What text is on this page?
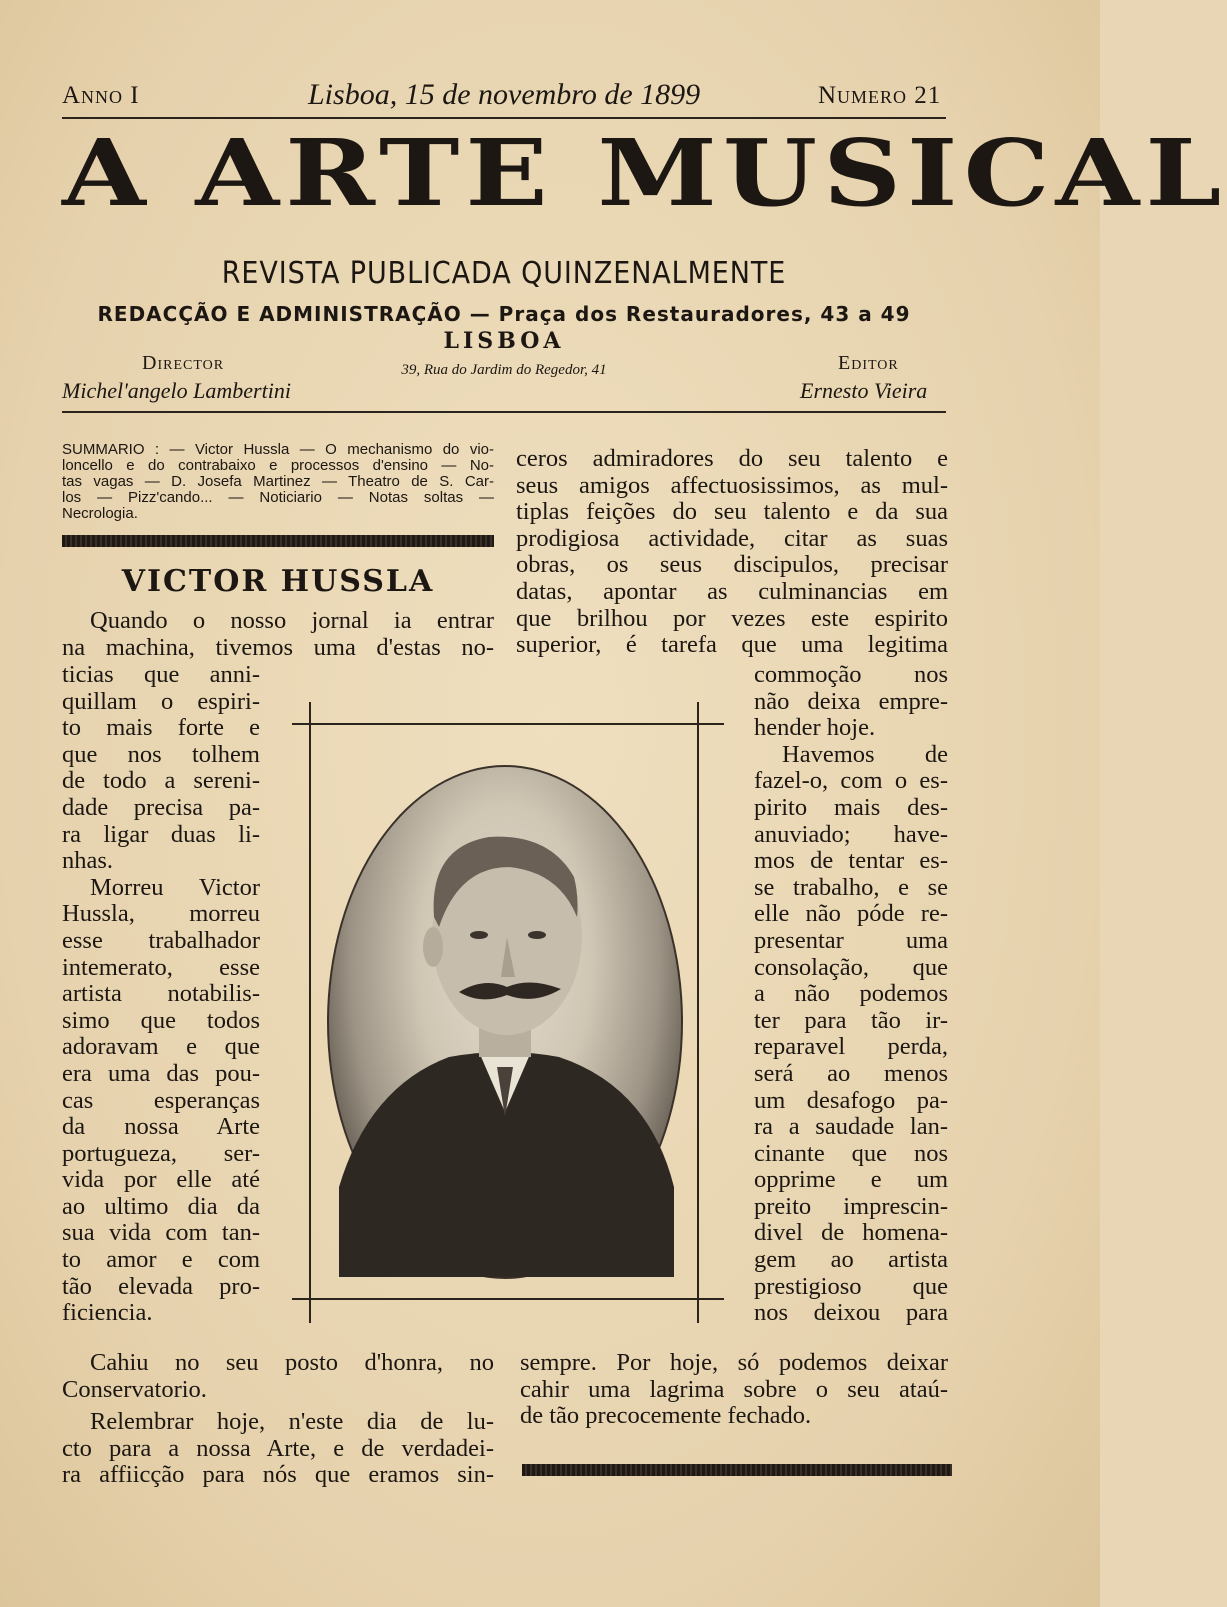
Anno I	Lisboa, 15 de novembro de 1899	Numero 21
A ARTE MUSICAL
REVISTA PUBLICADA QUINZENALMENTE
REDACÇÃO E ADMINISTRAÇÃO — Praça dos Restauradores, 43 a 49
LISBOA
Director
Michel'angelo Lambertini
39, Rua do Jardim do Regedor, 41	Editor
Ernesto Vieira
SUMMARIO : — Victor Hussla — O mechanismo do vio-
loncello e do contrabaixo e processos d'ensino — No-
tas vagas — D. Josefa Martinez — Theatro de S. Car-
los — Pizz'cando... — Noticiario — Notas soltas —
Necrologia.
VICTOR HUSSLA
Quando o nosso jornal ia entrar
na machina, tivemos uma d'estas no-
ticias que anni-
quillam o espiri-
to mais forte e
que nos tolhem
de todo a sereni-
dade precisa pa-
ra ligar duas li-
nhas.
Morreu Victor
Hussla, morreu
esse trabalhador
intemerato, esse
artista notabilis-
simo que todos
adoravam e que
era uma das pou-
cas esperanças
da nossa Arte
portugueza, ser-
vida por elle até
ao ultimo dia da
sua vida com tan-
to amor e com
tão elevada pro-
ficiencia.
Cahiu no seu posto d'honra, no
Conservatorio.
Relembrar hoje, n'este dia de lu-
cto para a nossa Arte, e de verdadei-
ra affiicção para nós que eramos sin-
ceros admiradores do seu talento e
seus amigos affectuosissimos, as mul-
tiplas feições do seu talento e da sua
prodigiosa actividade, citar as suas
obras, os seus discipulos, precisar
datas, apontar as culminancias em
que brilhou por vezes este espirito
superior, é tarefa que uma legitima
commoção nos
não deixa empre-
hender hoje.
Havemos de
fazel-o, com o es-
pirito mais des-
anuviado; have-
mos de tentar es-
se trabalho, e se
elle não póde re-
presentar uma
consolação, que
a não podemos
ter para tão ir-
reparavel perda,
será ao menos
um desafogo pa-
ra a saudade lan-
cinante que nos
opprime e um
preito imprescin-
divel de homena-
gem ao artista
prestigioso que
nos deixou para
sempre. Por hoje, só podemos deixar
cahir uma lagrima sobre o seu ataú-
de tão precocemente fechado.
